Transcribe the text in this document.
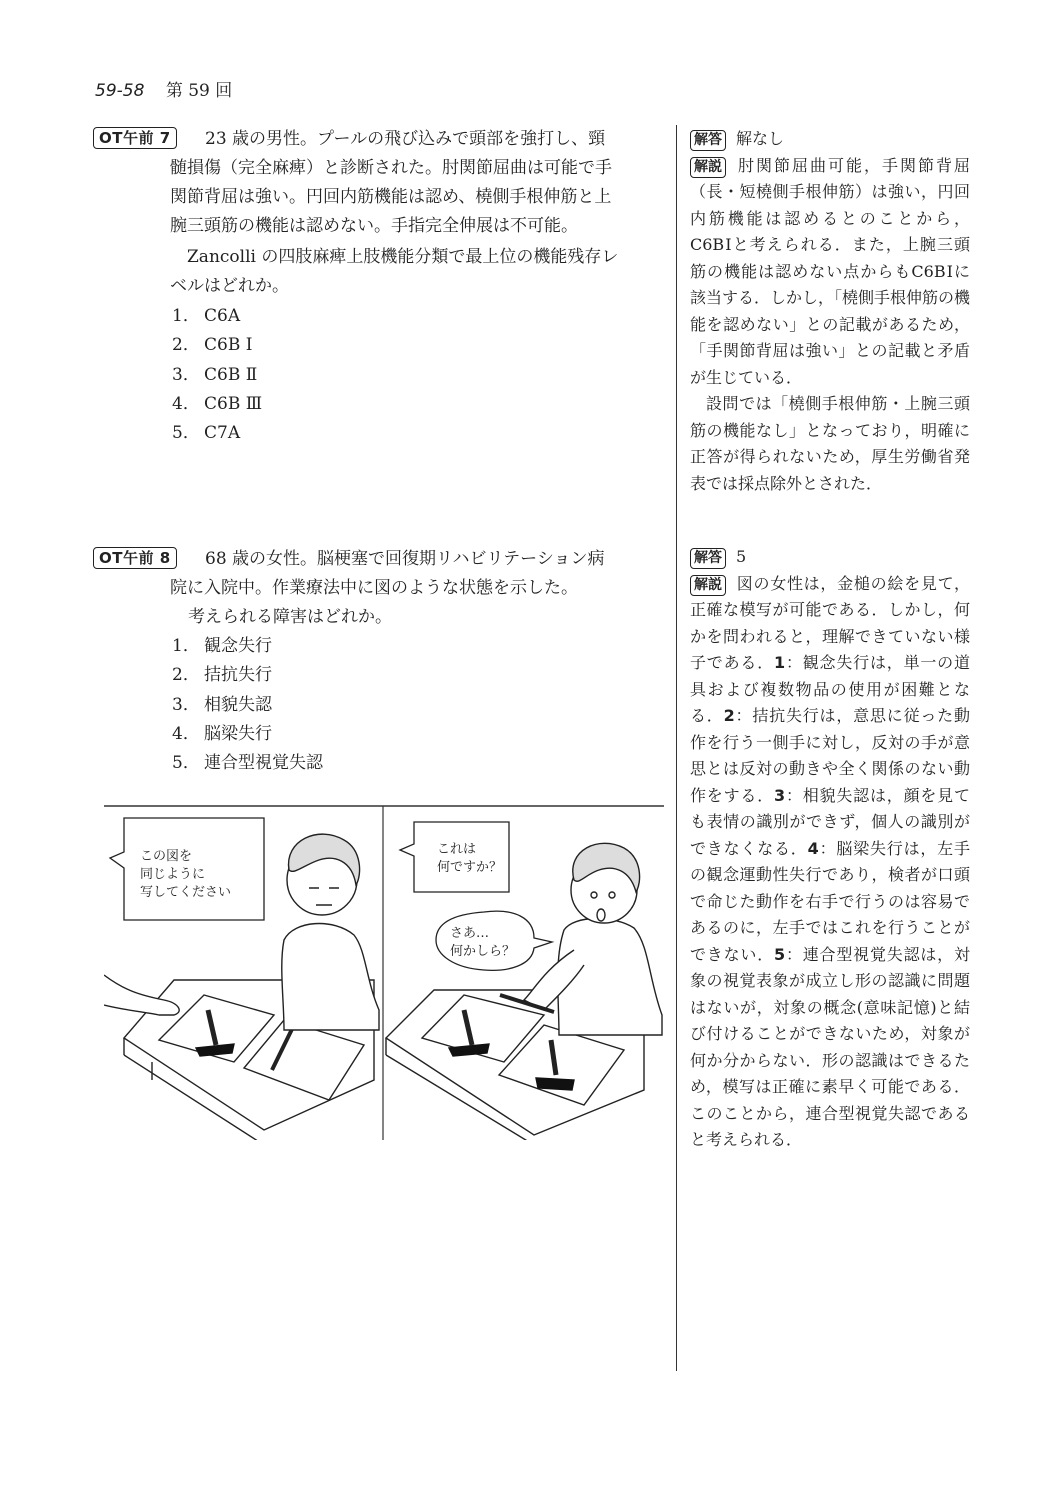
59-58 第 59 回
OT午前 7	23 歳の男性。プールの飛び込みで頭部を強打し、頸

髄損傷（完全麻痺）と診断された。肘関節屈曲は可能で手

関節背屈は強い。円回内筋機能は認め、橈側手根伸筋と上

腕三頭筋の機能は認めない。手指完全伸展は不可能。

Zancolli の四肢麻痺上肢機能分類で最上位の機能残存レ

ベルはどれか。

1． C6A
2． C6B Ⅰ
3． C6B Ⅱ
4． C6B Ⅲ
5． C7A

解答 解なし

解説 肘関節屈曲可能，手関節背屈（長・短橈側手根伸筋）は強い，円回内筋機能は認めるとのことから，C6BⅠと考えられる．また，上腕三頭筋の機能は認めない点からもC6BⅠに該当する．しかし，「橈側手根伸筋の機能を認めない」との記載があるため，「手関節背屈は強い」との記載と矛盾が生じている．

設問では「橈側手根伸筋・上腕三頭筋の機能なし」となっており，明確に正答が得られないため，厚生労働省発表では採点除外とされた．

OT午前 8	68 歳の女性。脳梗塞で回復期リハビリテーション病

院に入院中。作業療法中に図のような状態を示した。

考えられる障害はどれか。

1． 観念失行
2． 拮抗失行
3． 相貌失認
4． 脳梁失行
5． 連合型視覚失認
この図を
同じように
写してください
これは
何ですか？
さあ…
何かしら？

解答 5

解説 図の女性は，金槌の絵を見て，正確な模写が可能である．しかし，何かを問われると，理解できていない様子である．1：観念失行は，単一の道具および複数物品の使用が困難となる．2：拮抗失行は，意思に従った動作を行う一側手に対し，反対の手が意思とは反対の動きや全く関係のない動作をする．3：相貌失認は，顔を見ても表情の識別ができず，個人の識別ができなくなる．4：脳梁失行は，左手の観念運動性失行であり，検者が口頭で命じた動作を右手で行うのは容易であるのに，左手ではこれを行うことができない．5：連合型視覚失認は，対象の視覚表象が成立し形の認識に問題はないが，対象の概念(意味記憶)と結び付けることができないため，対象が何か分からない．形の認識はできるため，模写は正確に素早く可能である．このことから，連合型視覚失認であると考えられる．
